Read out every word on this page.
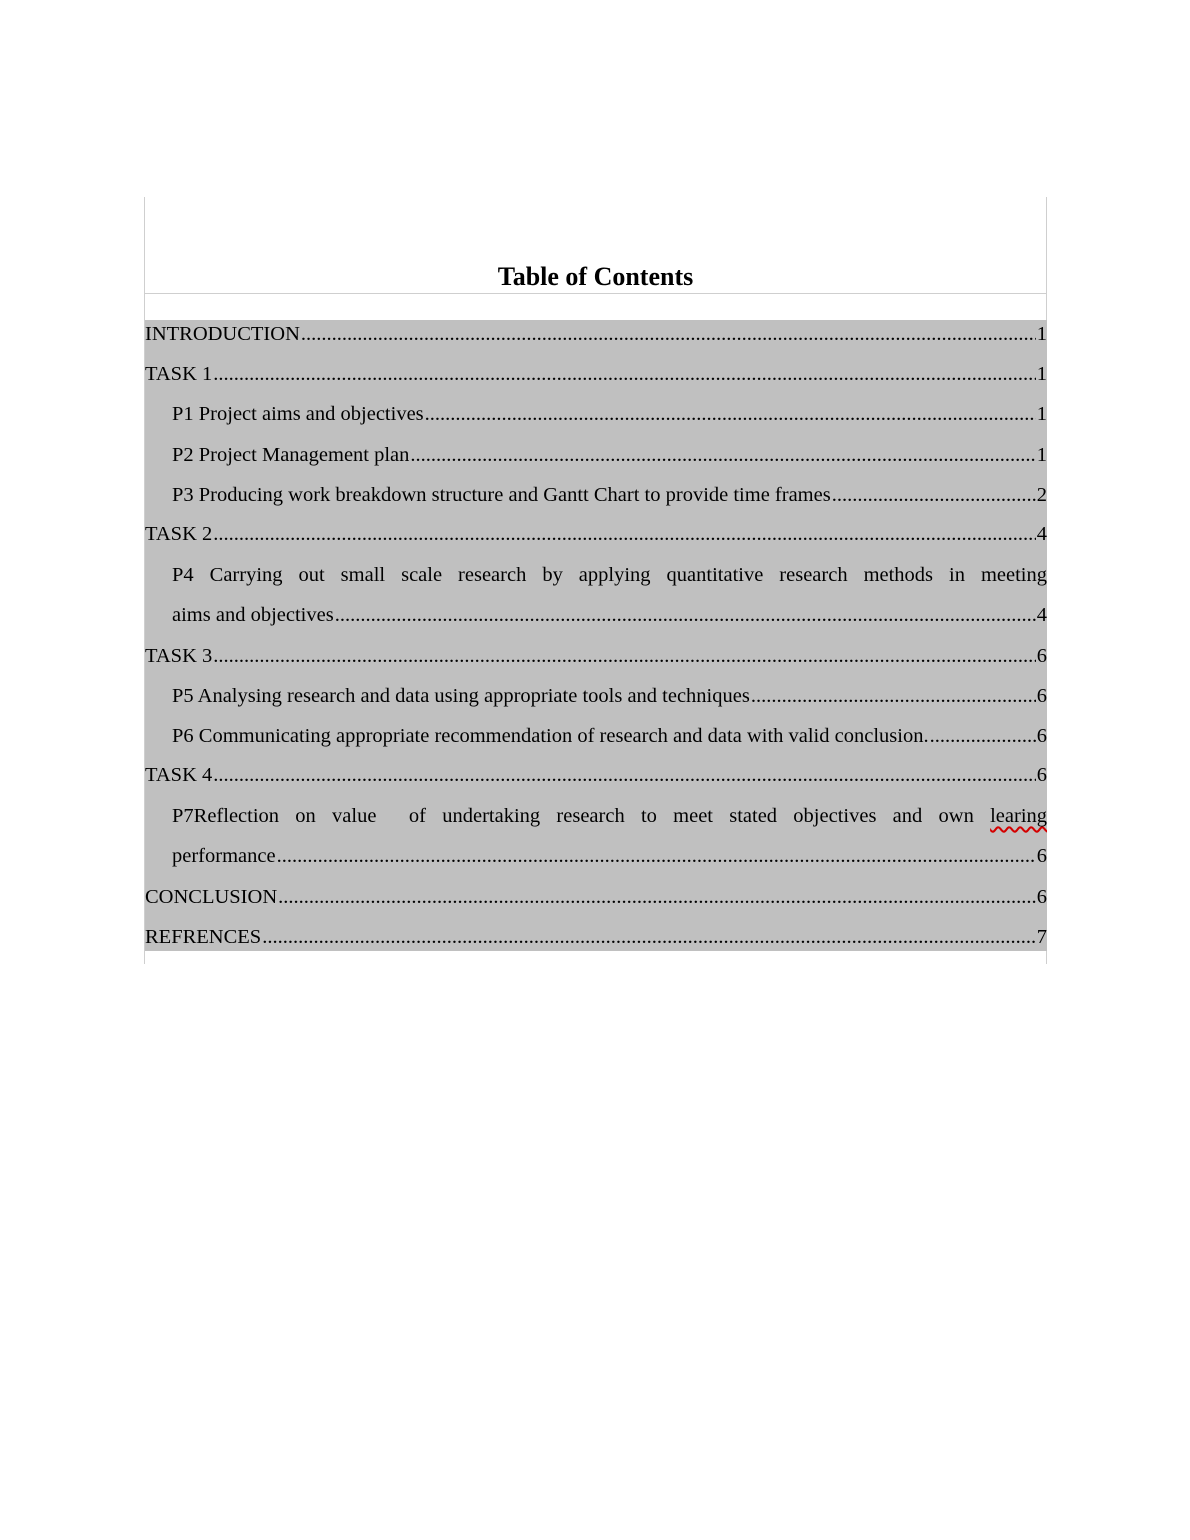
Table of Contents
INTRODUCTION .....	1
TASK 1 .....	1
P1 Project aims and objectives .....	1
P2 Project Management plan .....	1
P3 Producing work breakdown structure and Gantt Chart to provide time frames .....	2
TASK 2 .....	4
P4 Carrying out small scale research by applying quantitative research methods in meeting
aims and objectives .....	4
TASK 3 .....	6
P5 Analysing research and data using appropriate tools and techniques .....	6
P6 Communicating appropriate recommendation of research and data with valid conclusion. .....	6
TASK 4 .....	6
P7Reflection on value  of undertaking research to meet stated objectives and own learing
performance .....	6
CONCLUSION .....	6
REFRENCES .....	7
